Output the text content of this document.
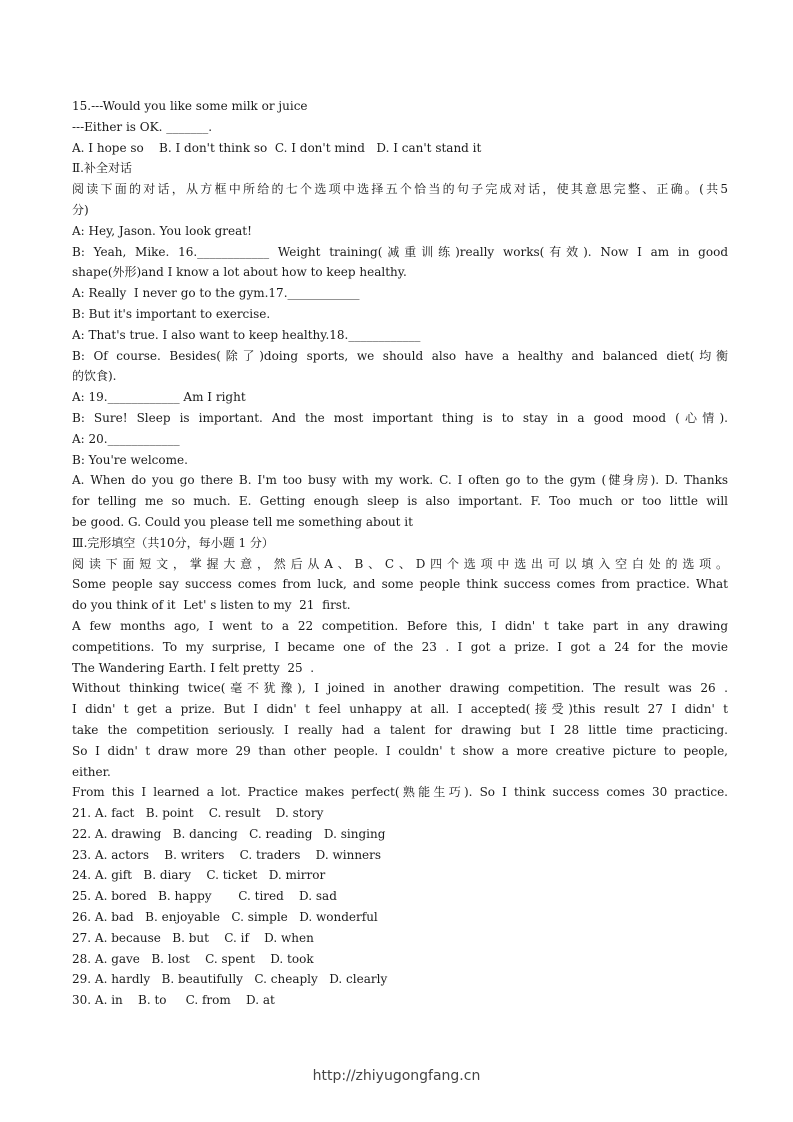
15.---Would you like some milk or juice
---Either is OK. _______.
A. I hope so    B. I don't think so  C. I don't mind   D. I can't stand it
Ⅱ.补全对话
阅读下面的对话，从方框中所给的七个选项中选择五个恰当的句子完成对话，使其意思完整、正确。(共5
分)
A: Hey, Jason. You look great!
B: Yeah, Mike. 16.____________ Weight training(减重训练)really works(有效). Now I am in good
shape(外形)and I know a lot about how to keep healthy.
A: Really  I never go to the gym.17.____________
B: But it's important to exercise.
A: That's true. I also want to keep healthy.18.____________
B: Of course. Besides(除了)doing sports, we should also have a healthy and balanced diet(均衡
的饮食).
A: 19.____________ Am I right
B: Sure! Sleep is important. And the most important thing is to stay in a good mood (心情).
A: 20.____________
B: You're welcome.
A. When do you go there B. I'm too busy with my work. C. I often go to the gym (健身房). D. Thanks
for telling me so much. E. Getting enough sleep is also important. F. Too much or too little will
be good. G. Could you please tell me something about it
Ⅲ.完形填空（共10分，每小题 1 分）
阅读下面短文，掌握大意，然后从A、B、C、D四个选项中选出可以填入空白处的选项。
Some people say success comes from luck, and some people think success comes from practice. What
do you think of it  Let' s listen to my  21  first.
A few months ago, I went to a 22 competition. Before this, I didn' t take part in any drawing
competitions. To my surprise, I became one of the 23 . I got a prize. I got a 24 for the movie
The Wandering Earth. I felt pretty  25  .
Without thinking twice(毫不犹豫), I joined in another drawing competition. The result was 26 .
I didn' t get a prize. But I didn' t feel unhappy at all. I accepted(接受)this result 27 I didn' t
take the competition seriously. I really had a talent for drawing but I 28 little time practicing.
So I didn' t draw more 29 than other people. I couldn' t show a more creative picture to people,
either.
From this I learned a lot. Practice makes perfect(熟能生巧). So I think success comes 30 practice.
21. A. fact   B. point    C. result    D. story
22. A. drawing   B. dancing   C. reading   D. singing
23. A. actors    B. writers    C. traders    D. winners
24. A. gift   B. diary    C. ticket   D. mirror
25. A. bored   B. happy       C. tired    D. sad
26. A. bad   B. enjoyable   C. simple   D. wonderful
27. A. because   B. but    C. if    D. when
28. A. gave   B. lost    C. spent    D. took
29. A. hardly   B. beautifully   C. cheaply   D. clearly
30. A. in    B. to     C. from    D. at
http://zhiyugongfang.cn
